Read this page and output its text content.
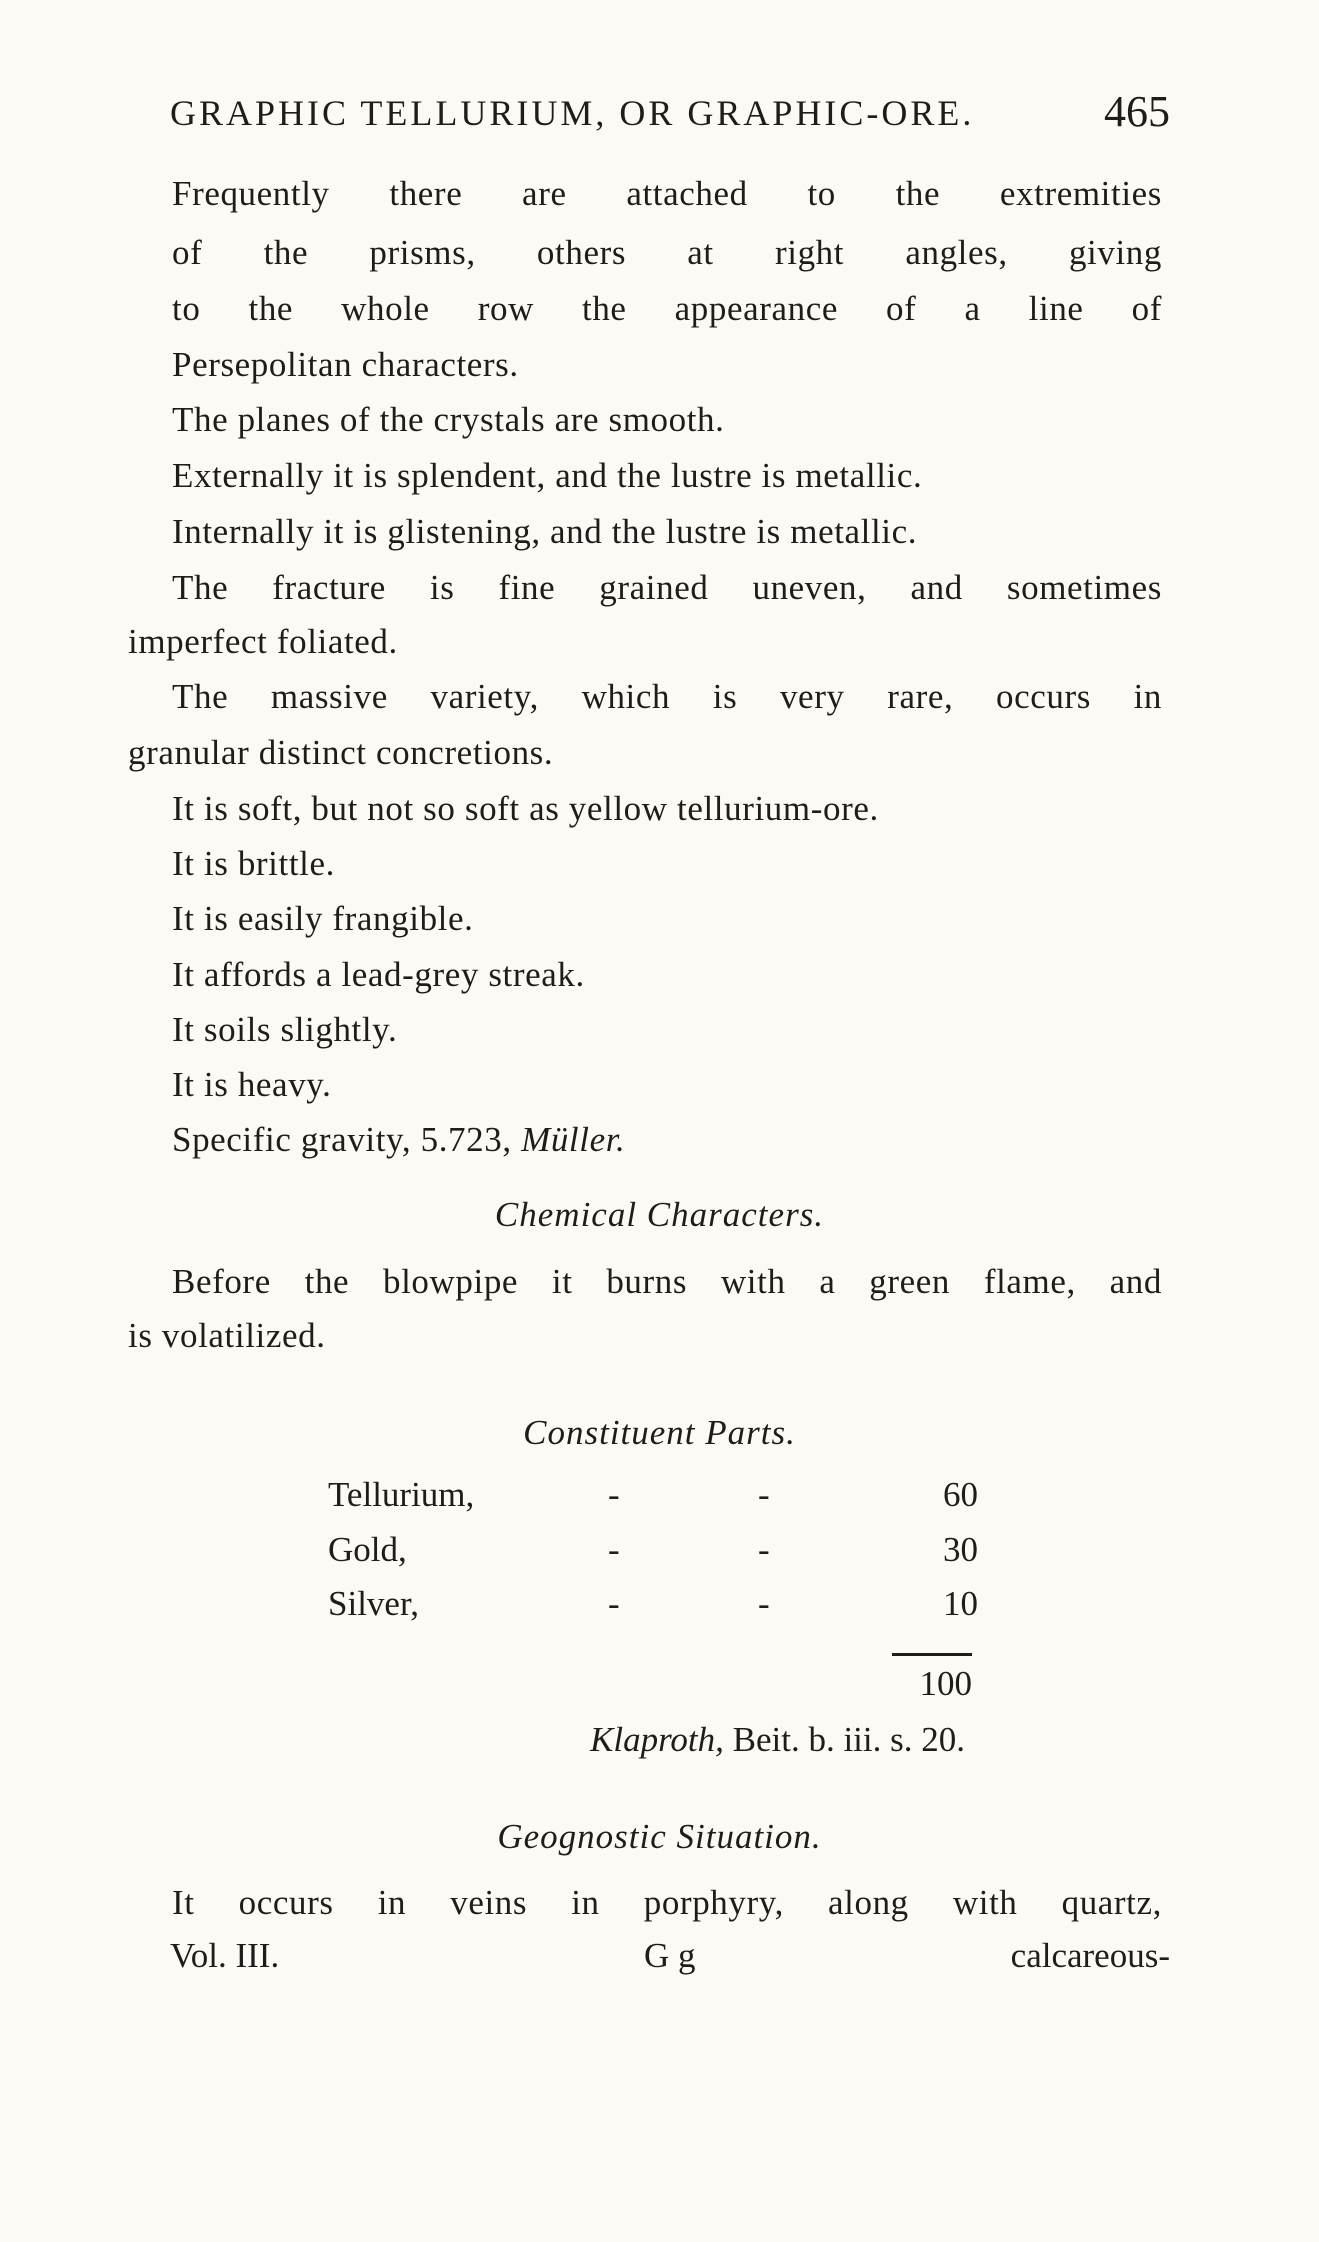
GRAPHIC TELLURIUM, OR GRAPHIC-ORE.	465
Frequently there are attached to the extremities
of the prisms, others at right angles, giving
to the whole row the appearance of a line of
Persepolitan characters.
The planes of the crystals are smooth.
Externally it is splendent, and the lustre is metallic.
Internally it is glistening, and the lustre is metallic.
The fracture is fine grained uneven, and sometimes
imperfect foliated.
The massive variety, which is very rare, occurs in
granular distinct concretions.
It is soft, but not so soft as yellow tellurium-ore.
It is brittle.
It is easily frangible.
It affords a lead-grey streak.
It soils slightly.
It is heavy.
Specific gravity, 5.723, Müller.
Chemical Characters.
Before the blowpipe it burns with a green flame, and
is volatilized.
Constituent Parts.
Tellurium,	-	-	60
Gold,	-	-	30
Silver,	-	-	10
100
Klaproth, Beit. b. iii. s. 20.
Geognostic Situation.
It occurs in veins in porphyry, along with quartz,
Vol. III.	G g	calcareous-
